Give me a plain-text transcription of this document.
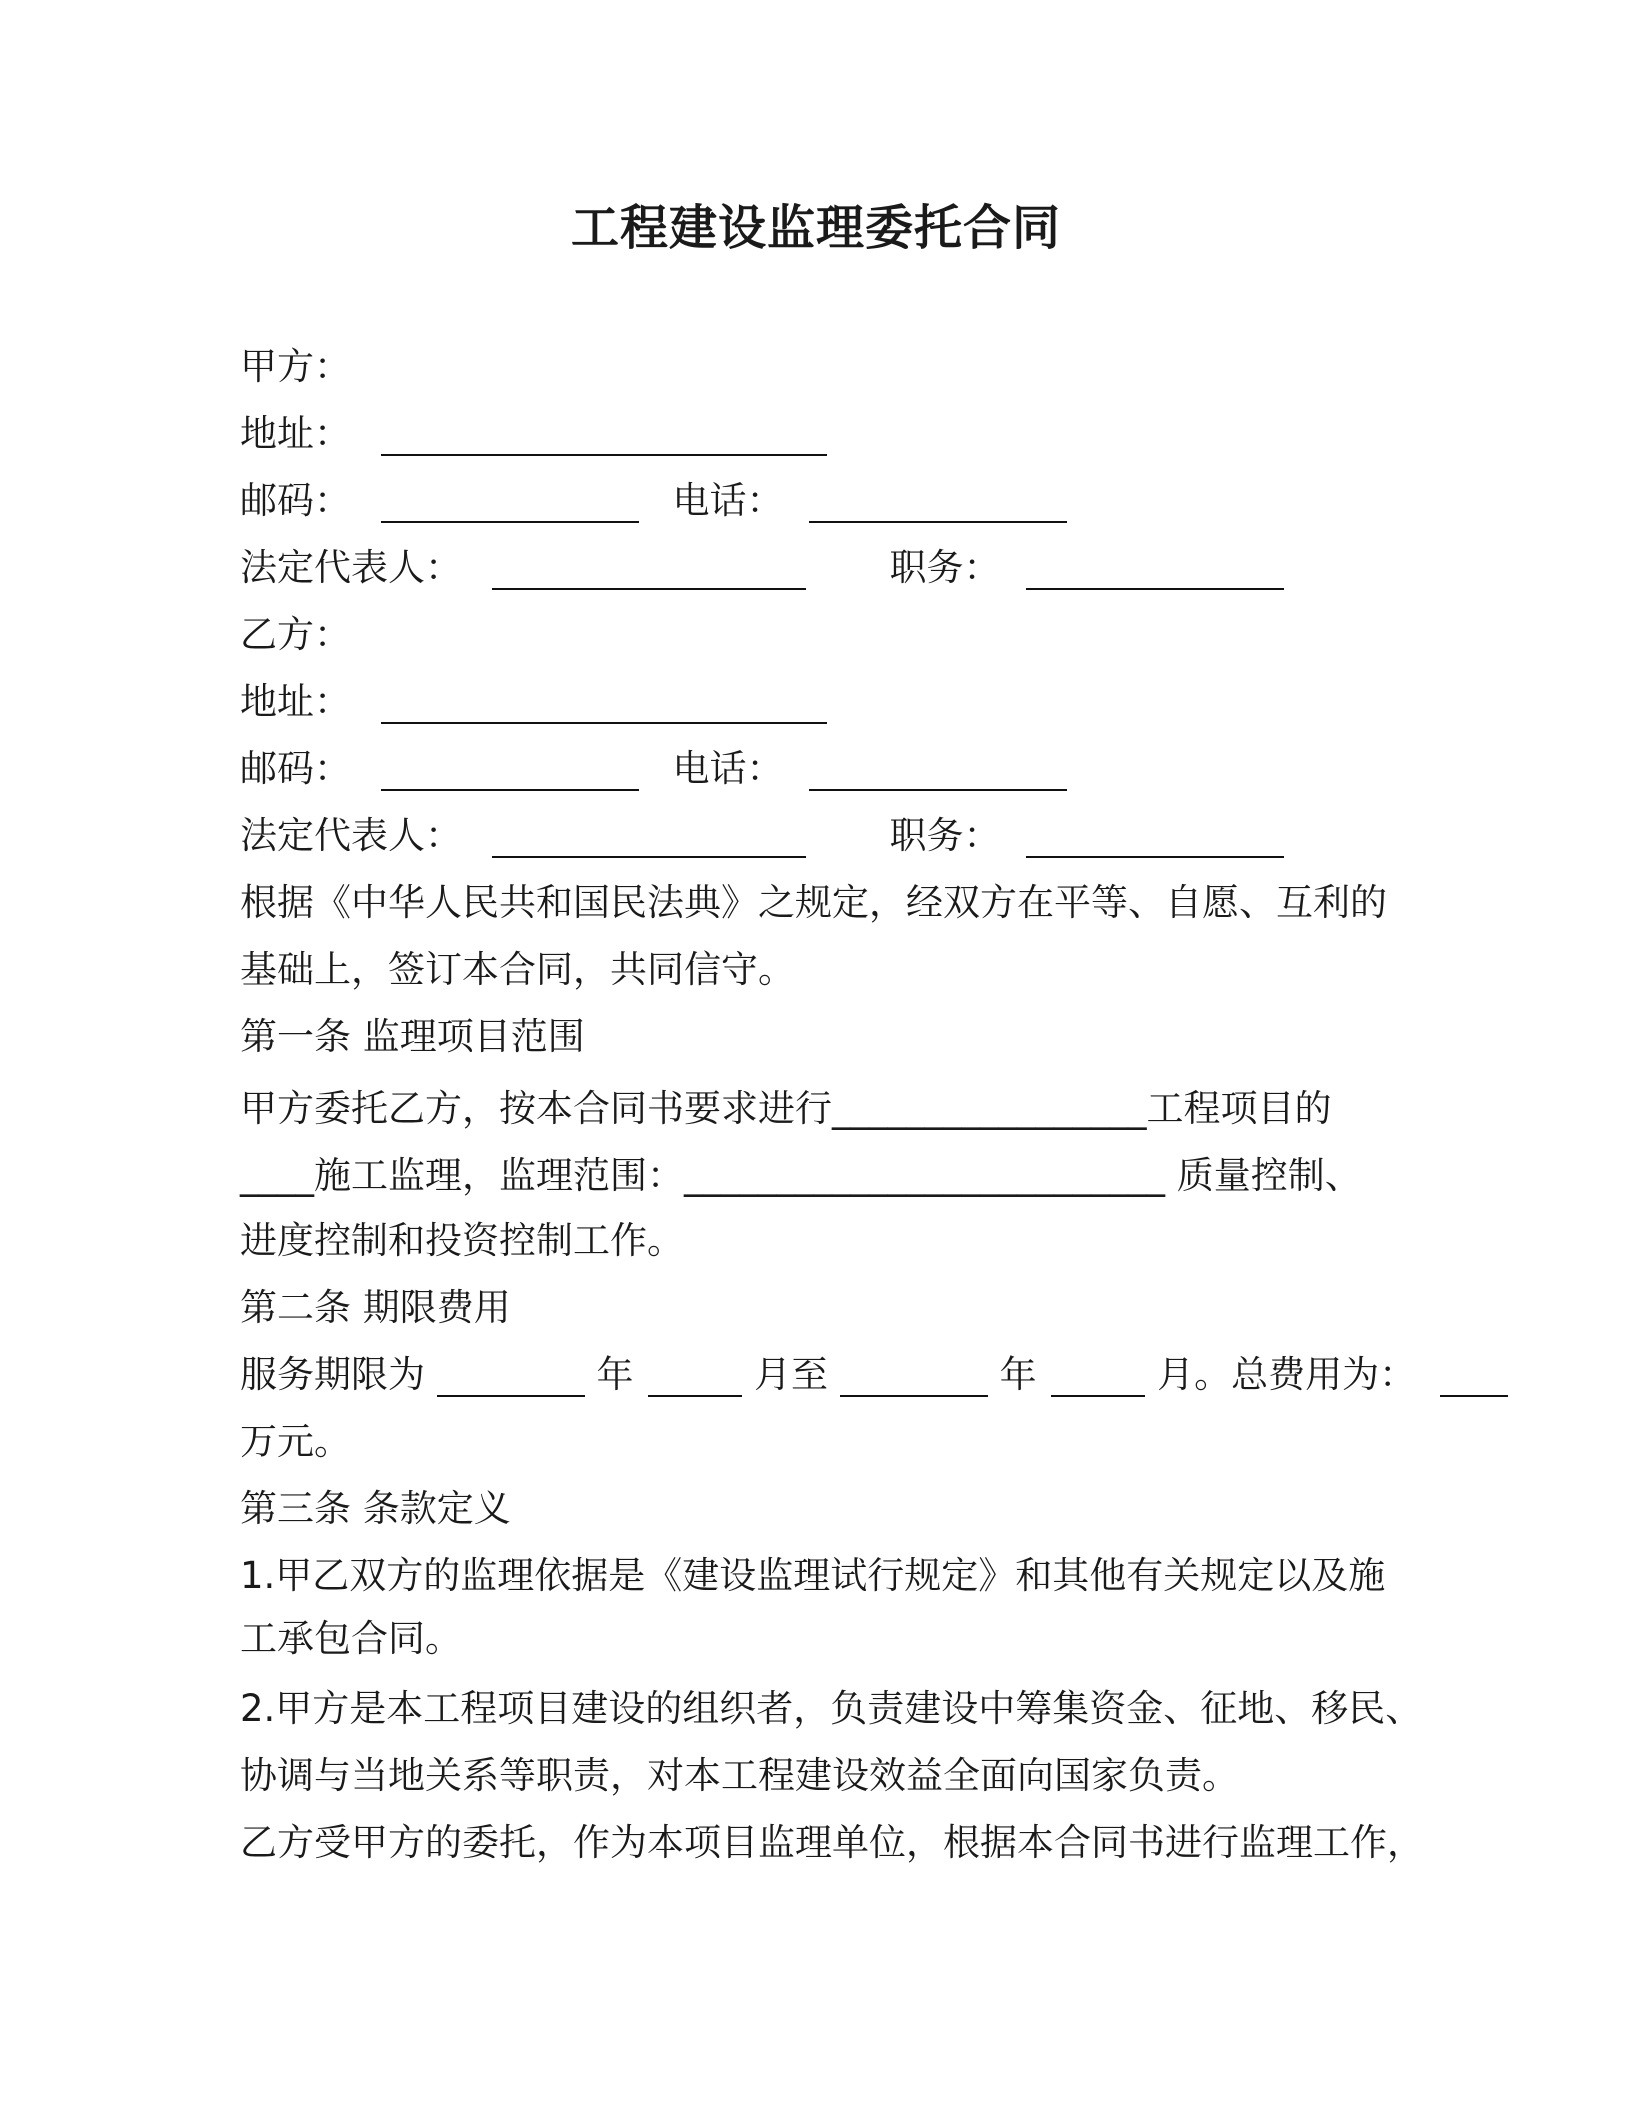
工程建设监理委托合同
甲方：
地址：
邮码：	电话：
法定代表人：	职务：
乙方：
地址：
邮码：	电话：
法定代表人：	职务：
根据《中华人民共和国民法典》之规定，经双方在平等、自愿、互利的
基础上，签订本合同，共同信守。
第一条 监理项目范围
甲方委托乙方，按本合同书要求进行_________________工程项目的
____施工监理，监理范围：__________________________ 质量控制、
进度控制和投资控制工作。
第二条 期限费用
服务期限为	年	月至	年	月。总费用为：
万元。
第三条 条款定义
1.甲乙双方的监理依据是《建设监理试行规定》和其他有关规定以及施
工承包合同。
2.甲方是本工程项目建设的组织者，负责建设中筹集资金、征地、移民、
协调与当地关系等职责，对本工程建设效益全面向国家负责。
乙方受甲方的委托，作为本项目监理单位，根据本合同书进行监理工作，
